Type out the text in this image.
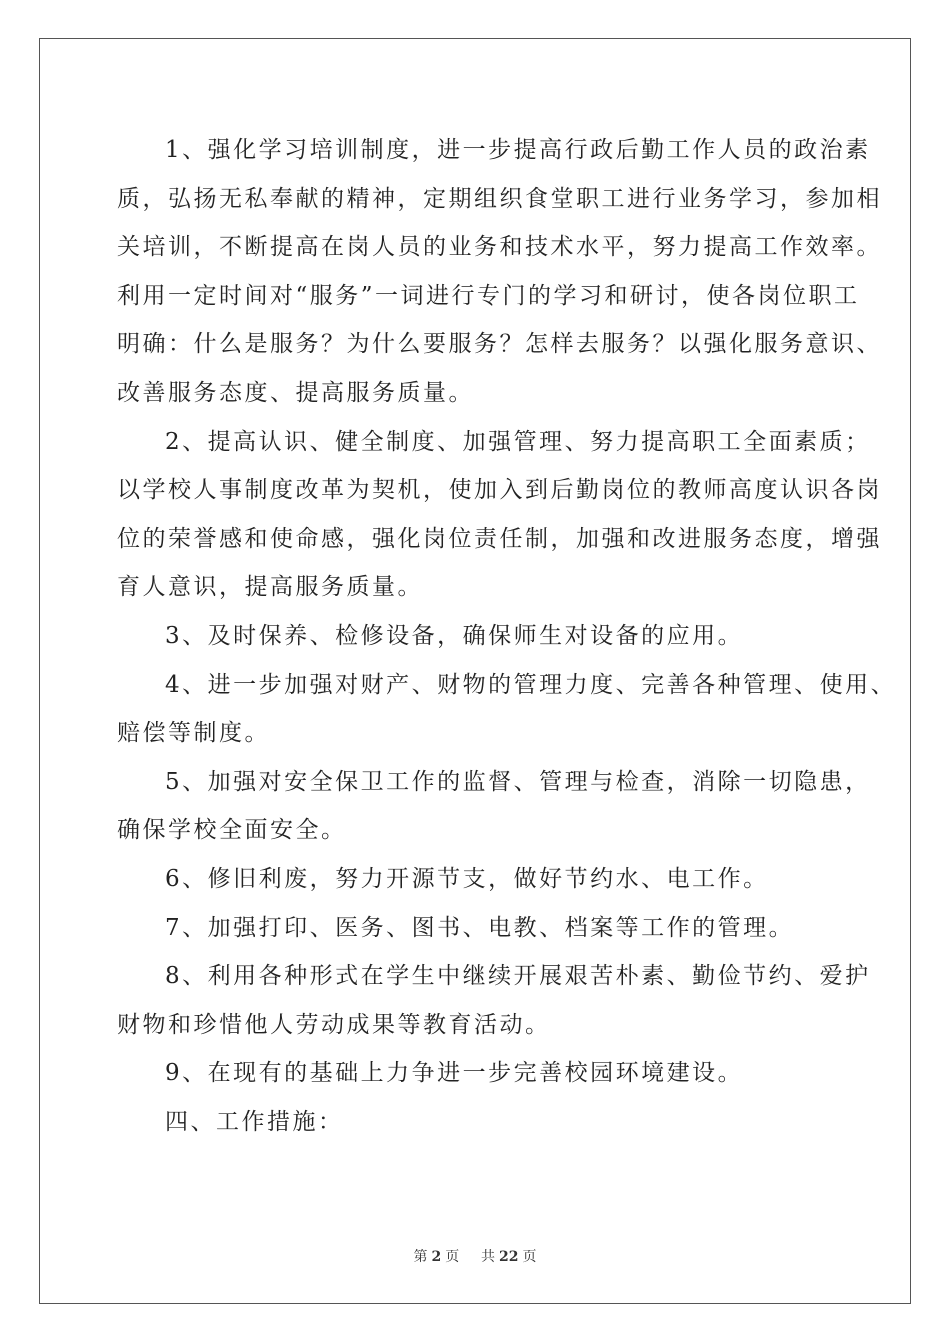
1、强化学习培训制度，进一步提高行政后勤工作人员的政治素
质，弘扬无私奉献的精神，定期组织食堂职工进行业务学习，参加相
关培训，不断提高在岗人员的业务和技术水平，努力提高工作效率。
利用一定时间对“服务”一词进行专门的学习和研讨，使各岗位职工
明确：什么是服务？为什么要服务？怎样去服务？以强化服务意识、
改善服务态度、提高服务质量。
2、提高认识、健全制度、加强管理、努力提高职工全面素质；
以学校人事制度改革为契机，使加入到后勤岗位的教师高度认识各岗
位的荣誉感和使命感，强化岗位责任制，加强和改进服务态度，增强
育人意识，提高服务质量。
3、及时保养、检修设备，确保师生对设备的应用。
4、进一步加强对财产、财物的管理力度、完善各种管理、使用、
赔偿等制度。
5、加强对安全保卫工作的监督、管理与检查，消除一切隐患，
确保学校全面安全。
6、修旧利废，努力开源节支，做好节约水、电工作。
7、加强打印、医务、图书、电教、档案等工作的管理。
8、利用各种形式在学生中继续开展艰苦朴素、勤俭节约、爱护
财物和珍惜他人劳动成果等教育活动。
9、在现有的基础上力争进一步完善校园环境建设。
四、工作措施：
第 2 页 共 22 页
